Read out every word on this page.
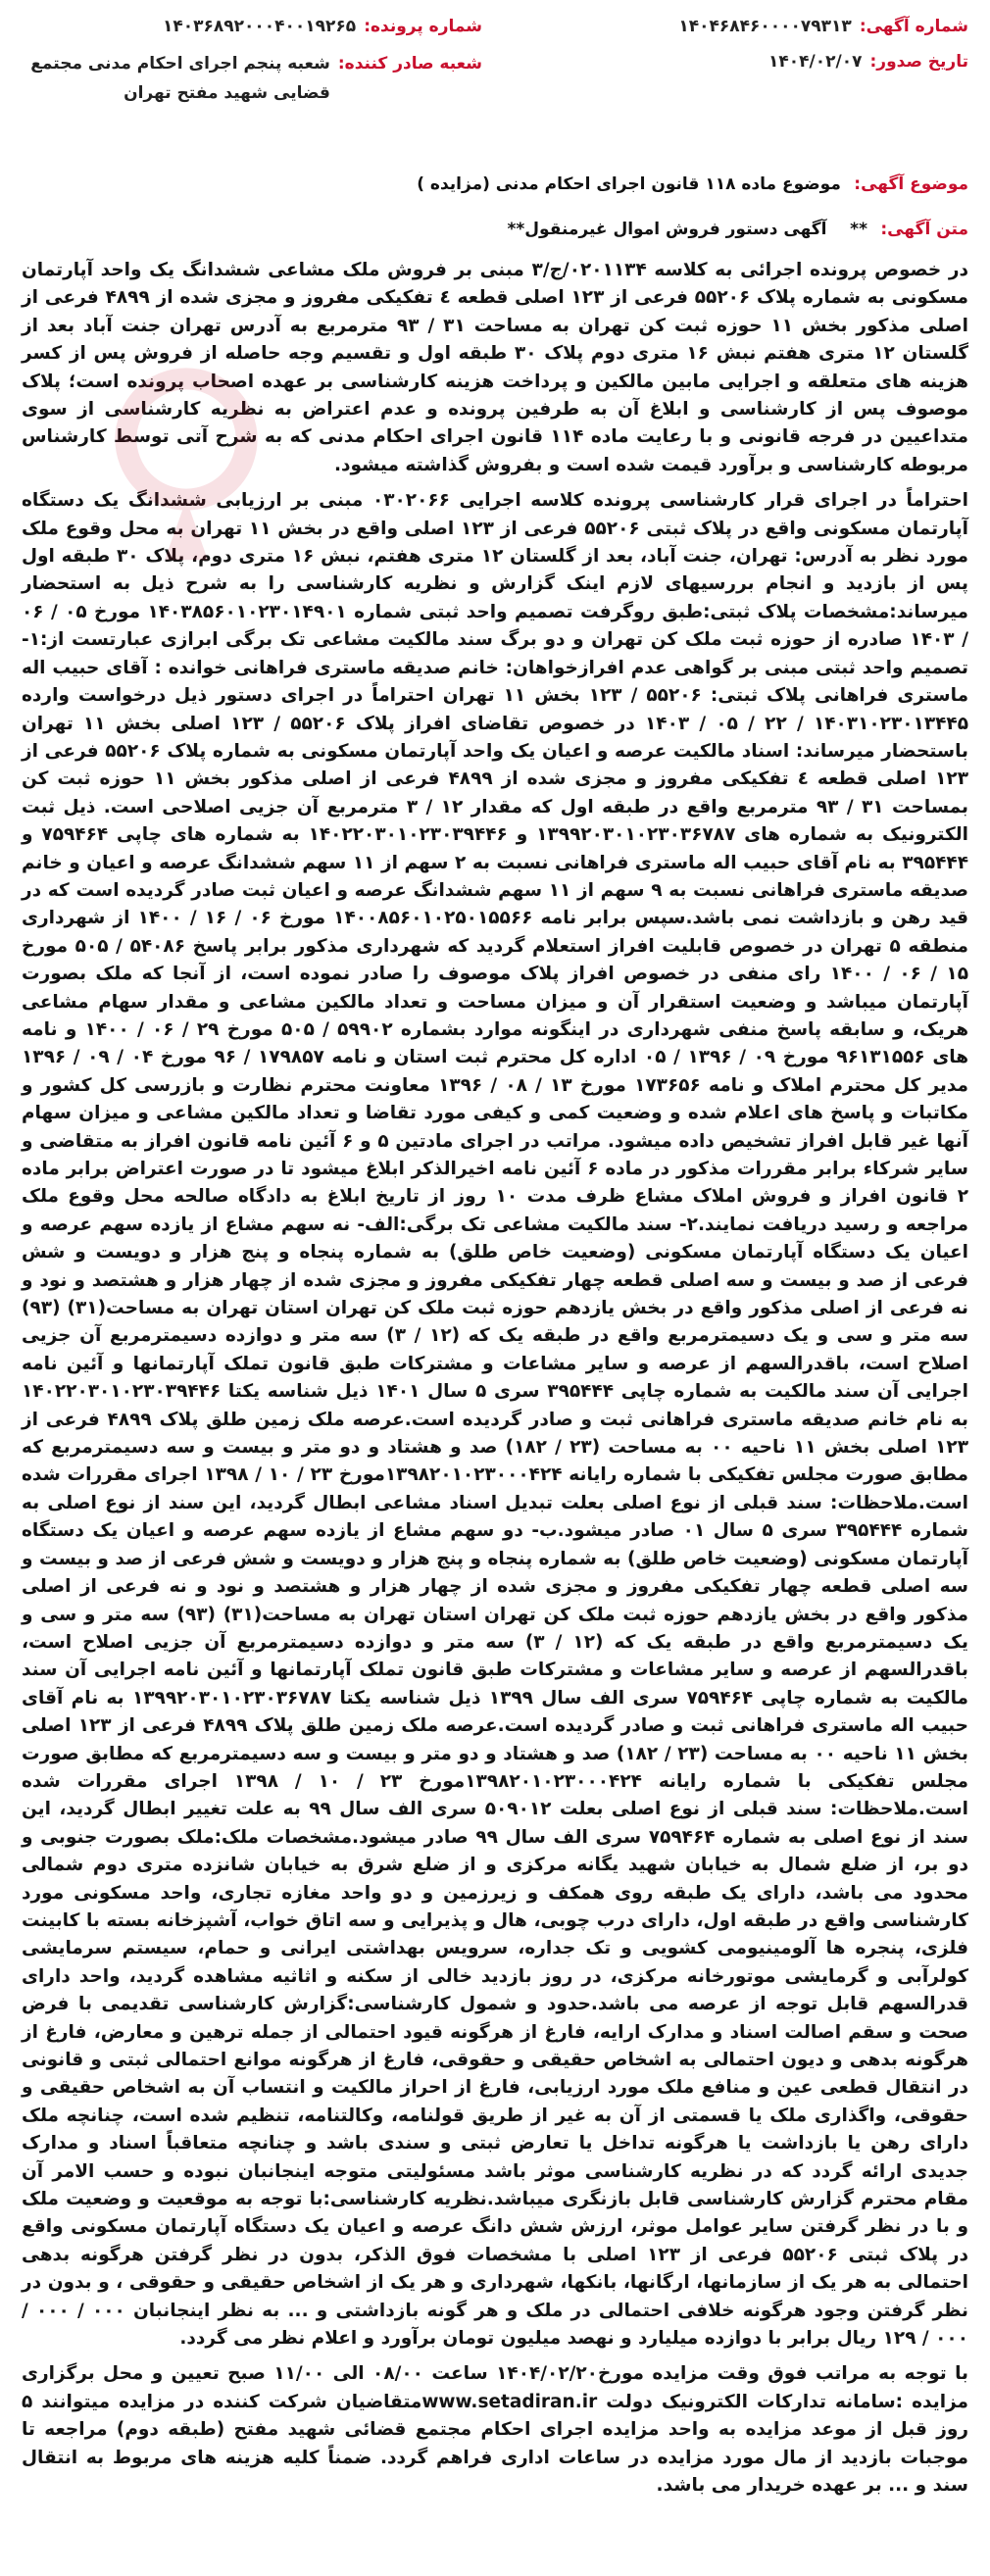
شماره آگهی:
۱۴۰۴۶۸۴۶۰۰۰۰۷۹۳۱۳
تاریخ صدور:
۱۴۰۴/۰۲/۰۷
شماره پرونده:
۱۴۰۳۶۸۹۲۰۰۰۴۰۰۱۹۲۶۵
شعبه صادر کننده:
شعبه پنجم اجرای احکام مدنی مجتمع قضایی شهید مفتح تهران
موضوع آگهی: موضوع ماده ۱۱۸ قانون اجرای احکام مدنی (مزایده )
متن آگهی: **    آگهی دستور فروش اموال غیرمنقول**

در خصوص پرونده اجرائی به کلاسه ۰۲۰۱۱۳۴/ج/۳ مبنی بر فروش ملک مشاعی ششدانگ یک واحد آپارتمان مسکونی به شماره پلاک ۵۵۲۰۶ فرعی از ۱۲۳ اصلی قطعه ٤ تفکیکی مفروز و مجزی شده از ۴۸۹۹ فرعی از اصلی مذکور بخش ۱۱ حوزه ثبت کن تهران به مساحت ۳۱ / ۹۳ مترمربع به آدرس تهران جنت آباد بعد از گلستان ۱۲ متری هفتم نبش ۱۶ متری دوم پلاک ۳۰ طبقه اول و تقسیم وجه حاصله از فروش پس از کسر هزینه های متعلقه و اجرایی مابین مالکین و پرداخت هزینه کارشناسی بر عهده اصحاب پرونده است؛ پلاک موصوف پس از کارشناسی و ابلاغ آن به طرفین پرونده و عدم اعتراض به نظریه کارشناسی از سوی متداعیین در فرجه قانونی و با رعایت ماده ۱۱۴ قانون اجرای احکام مدنی که به شرح آتی توسط کارشناس مربوطه کارشناسی و برآورد قیمت شده است و بفروش گذاشته میشود.

احتراماً در اجرای قرار کارشناسی پرونده کلاسه اجرایی ۰۳۰۲۰۶۶ مبنی بر ارزیابی ششدانگ یک دستگاه آپارتمان مسکونی واقع در پلاک ثبتی ۵۵۲۰۶ فرعی از ۱۲۳ اصلی واقع در بخش ۱۱ تهران به محل وقوع ملک مورد نظر به آدرس: تهران، جنت آباد، بعد از گلستان ۱۲ متری هفتم، نبش ۱۶ متری دوم، پلاک ۳۰ طبقه اول پس از بازدید و انجام بررسیهای لازم اینک گزارش و نظریه کارشناسی را به شرح ذیل به استحضار میرساند:مشخصات پلاک ثبتی:طبق روگرفت تصمیم واحد ثبتی شماره ۱۴۰۳۸۵۶۰۱۰۲۳۰۱۴۹۰۱ مورخ ۰۵ / ۰۶ / ۱۴۰۳ صادره از حوزه ثبت ملک کن تهران و دو برگ سند مالکیت مشاعی تک برگی ابرازی عبارتست از:۱- تصمیم واحد ثبتی مبنی بر گواهی عدم افرازخواهان: خانم صدیقه ماستری فراهانی خوانده : آقای حبیب اله ماستری فراهانی پلاک ثبتی: ۵۵۲۰۶ / ۱۲۳ بخش ۱۱ تهران احتراماً در اجرای دستور ذیل درخواست وارده ۱۴۰۳۱۰۲۳۰۱۳۴۴۵ / ۲۲ / ۰۵ / ۱۴۰۳ در خصوص تقاضای افراز پلاک ۵۵۲۰۶ / ۱۲۳ اصلی بخش ۱۱ تهران باستحضار میرساند: اسناد مالکیت عرصه و اعیان یک واحد آپارتمان مسکونی به شماره پلاک ۵۵۲۰۶ فرعی از ۱۲۳ اصلی قطعه ٤ تفکیکی مفروز و مجزی شده از ۴۸۹۹ فرعی از اصلی مذکور بخش ۱۱ حوزه ثبت کن بمساحت ۳۱ / ۹۳ مترمربع واقع در طبقه اول که مقدار ۱۲ / ۳ مترمربع آن جزیی اصلاحی است. ذیل ثبت الکترونیک به شماره های ۱۳۹۹۲۰۳۰۱۰۲۳۰۳۶۷۸۷ و ۱۴۰۲۲۰۳۰۱۰۲۳۰۳۹۴۴۶ به شماره های چاپی ۷۵۹۴۶۴ و ۳۹۵۴۴۴ به نام آقای حبیب اله ماستری فراهانی نسبت به ۲ سهم از ۱۱ سهم ششدانگ عرصه و اعیان و خانم صدیقه ماستری فراهانی نسبت به ۹ سهم از ۱۱ سهم ششدانگ عرصه و اعیان ثبت صادر گردیده است که در قید رهن و بازداشت نمی باشد.سپس برابر نامه ۱۴۰۰۸۵۶۰۱۰۲۵۰۱۵۵۶۶ مورخ ۰۶ / ۱۶ / ۱۴۰۰ از شهرداری منطقه ۵ تهران در خصوص قابلیت افراز استعلام گردید که شهرداری مذکور برابر پاسخ ۵۴۰۸۶ / ۵۰۵ مورخ ۱۵ / ۰۶ / ۱۴۰۰ رای منفی در خصوص افراز پلاک موصوف را صادر نموده است، از آنجا که ملک بصورت آپارتمان میباشد و وضعیت استقرار آن و میزان مساحت و تعداد مالکین مشاعی و مقدار سهام مشاعی هریک، و سابقه پاسخ منفی شهرداری در اینگونه موارد بشماره ۵۹۹۰۲ / ۵۰۵ مورخ ۲۹ / ۰۶ / ۱۴۰۰ و نامه های ۹۶۱۳۱۵۵۶ مورخ ۰۹ / ۱۳۹۶ / ۰۵ اداره کل محترم ثبت استان و نامه ۱۷۹۸۵۷ / ۹۶ مورخ ۰۴ / ۰۹ / ۱۳۹۶ مدیر کل محترم املاک و نامه ۱۷۳۶۵۶ مورخ ۱۳ / ۰۸ / ۱۳۹۶ معاونت محترم نظارت و بازرسی کل کشور و مکاتبات و پاسخ های اعلام شده و وضعیت کمی و کیفی مورد تقاضا و تعداد مالکین مشاعی و میزان سهام آنها غیر قابل افراز تشخیص داده میشود. مراتب در اجرای مادتین ۵ و ۶ آئین نامه قانون افراز به متقاضی و سایر شرکاء برابر مقررات مذکور در ماده ۶ آئین نامه اخیرالذکر ابلاغ میشود تا در صورت اعتراض برابر ماده ۲ قانون افراز و فروش املاک مشاع ظرف مدت ۱۰ روز از تاریخ ابلاغ به دادگاه صالحه محل وقوع ملک مراجعه و رسید دریافت نمایند.۲- سند مالکیت مشاعی تک برگی:الف- نه سهم مشاع از یازده سهم عرصه و اعیان یک دستگاه آپارتمان مسکونی (وضعیت خاص طلق) به شماره پنجاه و پنج هزار و دویست و شش فرعی از صد و بیست و سه اصلی قطعه چهار تفکیکی مفروز و مجزی شده از چهار هزار و هشتصد و نود و نه فرعی از اصلی مذکور واقع در بخش یازدهم حوزه ثبت ملک کن تهران استان تهران به مساحت(۳۱) (۹۳) سه متر و سی و یک دسیمترمربع واقع در طبقه یک که (۱۲ / ۳) سه متر و دوازده دسیمترمربع آن جزیی اصلاح است، باقدرالسهم از عرصه و سایر مشاعات و مشترکات طبق قانون تملک آپارتمانها و آئین نامه اجرایی آن سند مالکیت به شماره چاپی ۳۹۵۴۴۴ سری ۵ سال ۱۴۰۱ ذیل شناسه یکتا ۱۴۰۲۲۰۳۰۱۰۲۳۰۳۹۴۴۶ به نام خانم صدیقه ماستری فراهانی ثبت و صادر گردیده است.عرصه ملک زمین طلق پلاک ۴۸۹۹ فرعی از ۱۲۳ اصلی بخش ۱۱ ناحیه ۰۰ به مساحت (۲۳ / ۱۸۲) صد و هشتاد و دو متر و بیست و سه دسیمترمربع که مطابق صورت مجلس تفکیکی با شماره رایانه ۱۳۹۸۲۰۱۰۲۳۰۰۰۴۲۴مورخ ۲۳ / ۱۰ / ۱۳۹۸ اجرای مقررات شده است.ملاحظات: سند قبلی از نوع اصلی بعلت تبدیل اسناد مشاعی ابطال گردید، این سند از نوع اصلی به شماره ۳۹۵۴۴۴ سری ۵ سال ۰۱ صادر میشود.ب- دو سهم مشاع از یازده سهم عرصه و اعیان یک دستگاه آپارتمان مسکونی (وضعیت خاص طلق) به شماره پنجاه و پنج هزار و دویست و شش فرعی از صد و بیست و سه اصلی قطعه چهار تفکیکی مفروز و مجزی شده از چهار هزار و هشتصد و نود و نه فرعی از اصلی مذکور واقع در بخش یازدهم حوزه ثبت ملک کن تهران استان تهران به مساحت(۳۱) (۹۳) سه متر و سی و یک دسیمترمربع واقع در طبقه یک که (۱۲ / ۳) سه متر و دوازده دسیمترمربع آن جزیی اصلاح است، باقدرالسهم از عرصه و سایر مشاعات و مشترکات طبق قانون تملک آپارتمانها و آئین نامه اجرایی آن سند مالکیت به شماره چاپی ۷۵۹۴۶۴ سری الف سال ۱۳۹۹ ذیل شناسه یکتا ۱۳۹۹۲۰۳۰۱۰۲۳۰۳۶۷۸۷ به نام آقای حبیب اله ماستری فراهانی ثبت و صادر گردیده است.عرصه ملک زمین طلق پلاک ۴۸۹۹ فرعی از ۱۲۳ اصلی بخش ۱۱ ناحیه ۰۰ به مساحت (۲۳ / ۱۸۲) صد و هشتاد و دو متر و بیست و سه دسیمترمربع که مطابق صورت مجلس تفکیکی با شماره رایانه ۱۳۹۸۲۰۱۰۲۳۰۰۰۴۲۴مورخ ۲۳ / ۱۰ / ۱۳۹۸ اجرای مقررات شده است.ملاحظات: سند قبلی از نوع اصلی بعلت ۵۰۹۰۱۲ سری الف سال ۹۹ به علت تغییر ابطال گردید، این سند از نوع اصلی به شماره ۷۵۹۴۶۴ سری الف سال ۹۹ صادر میشود.مشخصات ملک:ملک بصورت جنوبی و دو بر، از ضلع شمال به خیابان شهید یگانه مرکزی و از ضلع شرق به خیابان شانزده متری دوم شمالی محدود می باشد، دارای یک طبقه روی همکف و زیرزمین و دو واحد مغازه تجاری، واحد مسکونی مورد کارشناسی واقع در طبقه اول، دارای درب چوبی، هال و پذیرایی و سه اتاق خواب، آشپزخانه بسته با کابینت فلزی، پنجره ها آلومینیومی کشویی و تک جداره، سرویس بهداشتی ایرانی و حمام، سیستم سرمایشی کولرآبی و گرمایشی موتورخانه مرکزی، در روز بازدید خالی از سکنه و اثاثیه مشاهده گردید، واحد دارای قدرالسهم قابل توجه از عرصه می باشد.حدود و شمول کارشناسی:گزارش کارشناسی تقدیمی با فرض صحت و سقم اصالت اسناد و مدارک ارایه، فارغ از هرگونه قیود احتمالی از جمله ترهین و معارض، فارغ از هرگونه بدهی و دیون احتمالی به اشخاص حقیقی و حقوقی، فارغ از هرگونه موانع احتمالی ثبتی و قانونی در انتقال قطعی عین و منافع ملک مورد ارزیابی، فارغ از احراز مالکیت و انتساب آن به اشخاص حقیقی و حقوقی، واگذاری ملک یا قسمتی از آن به غیر از طریق قولنامه، وکالتنامه، تنظیم شده است، چنانچه ملک دارای رهن یا بازداشت یا هرگونه تداخل یا تعارض ثبتی و سندی باشد و چنانچه متعاقباً اسناد و مدارک جدیدی ارائه گردد که در نظریه کارشناسی موثر باشد مسئولیتی متوجه اینجانبان نبوده و حسب الامر آن مقام محترم گزارش کارشناسی قابل بازنگری میباشد.نظریه کارشناسی:با توجه به موقعیت و وضعیت ملک و با در نظر گرفتن سایر عوامل موثر، ارزش شش دانگ عرصه و اعیان یک دستگاه آپارتمان مسکونی واقع در پلاک ثبتی ۵۵۲۰۶ فرعی از ۱۲۳ اصلی با مشخصات فوق الذکر، بدون در نظر گرفتن هرگونه بدهی احتمالی به هر یک از سازمانها، ارگانها، بانکها، شهرداری و هر یک از اشخاص حقیقی و حقوقی ، و بدون در نظر گرفتن وجود هرگونه خلافی احتمالی در ملک و هر گونه بازداشتی و ... به نظر اینجانبان ۰۰۰ / ۰۰۰ / ۰۰۰ / ۱۲۹ ریال برابر با دوازده میلیارد و نهصد میلیون تومان برآورد و اعلام نظر می گردد.

با توجه به مراتب فوق وقت مزایده مورخ۱۴۰۴/۰۲/۲۰ ساعت ۰۸/۰۰ الی ۱۱/۰۰ صبح تعیین و محل برگزاری مزایده :سامانه تدارکات الکترونیک دولت www.setadiran.irمتقاضیان شرکت کننده در مزایده میتوانند ۵ روز قبل از موعد مزایده به واحد مزایده اجرای احکام مجتمع قضائی شهید مفتح (طبقه دوم) مراجعه تا موجبات بازدید از مال مورد مزایده در ساعات اداری فراهم گردد. ضمناً کلیه هزینه های مربوط به انتقال سند و ... بر عهده خریدار می باشد.
